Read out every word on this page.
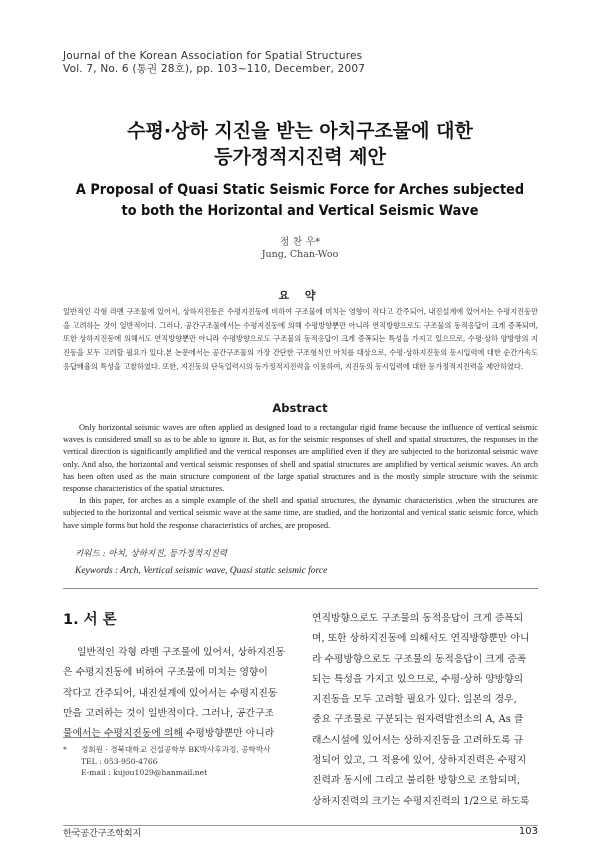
Journal of the Korean Association for Spatial Structures
Vol. 7, No. 6 (통권 28호), pp. 103~110, December, 2007
수평·상하 지진을 받는 아치구조물에 대한
등가정적지진력 제안
A Proposal of Quasi Static Seismic Force for Arches subjected
to both the Horizontal and Vertical Seismic Wave
정 찬 우*
Jung, Chan-Woo
요 약
일반적인 각형 라멘 구조물에 있어서, 상하지진동은 수평지진동에 비하여 구조물에 미치는 영향이 작다고 간주되어, 내진설계에 있어서는 수평지진동만을 고려하는 것이 일반적이다. 그러나, 공간구조물에서는 수평지진동에 의해 수평방향뿐만 아니라 연직방향으로도 구조물의 동적응답이 크게 증폭되며, 또한 상하지진동에 의해서도 연직방향뿐만 아니라 수평방향으로도 구조물의 동적응답이 크게 증폭되는 특성을 가지고 있으므로, 수평·상하 양방향의 지진동을 모두 고려할 필요가 있다.본 논문에서는 공간구조물의 가장 간단한 구조형식인 아치를 대상으로, 수평·상하지진동의 동시입력에 대한 순간가속도 응답배율의 특성을 고찰하였다. 또한, 지진동의 단독입력시의 등가정적지진력을 이용하여, 지진동의 동시입력에 대한 등가정적지진력을 제안하였다.
Abstract

Only horizontal seismic waves are often applied as designed load to a rectangular rigid frame because the influence of vertical seismic waves is considered small so as to be able to ignore it. But, as for the seismic responses of shell and spatial structures, the responses in the vertical direction is significantly amplified and the vertical responses are amplified even if they are subjected to the horizontal seismic wave only. And also, the horizontal and vertical seismic responses of shell and spatial structures are amplified by vertical seismic waves. An arch has been often used as the main structure component of the large spatial structures and is the mostly simple structure with the seismic response characteristics of the spatial structures.

In this paper, for arches as a simple example of the shell and spatial structures, the dynamic characteristics ,when the structures are subjected to the horizontal and vertical seismic wave at the same time, are studied, and the horizontal and vertical static seismic force, which have simple forms but hold the response characteristics of arches, are proposed.

키워드 : 아치, 상하지진, 등가정적지진력
Keywords : Arch, Vertical seismic wave, Quasi static seismic force
1. 서 론
일반적인 각형 라멘 구조물에 있어서, 상하지진동
은 수평지진동에 비하여 구조물에 미치는 영향이
작다고 간주되어, 내진설계에 있어서는 수평지진동
만을 고려하는 것이 일반적이다. 그러나, 공간구조
물에서는 수평지진동에 의해 수평방향뿐만 아니라
연직방향으로도 구조물의 동적응답이 크게 증폭되
며, 또한 상하지진동에 의해서도 연직방향뿐만 아니
라 수평방향으로도 구조물의 동적응답이 크게 증폭
되는 특성을 가지고 있으므로, 수평·상하 양방향의
지진동을 모두 고려할 필요가 있다. 일본의 경우,
중요 구조물로 구분되는 원자력발전소의 A, As 클
래스시설에 있어서는 상하지진동을 고려하도록 규
정되어 있고, 그 적용에 있어, 상하지진력은 수평지
진력과 동시에 그리고 불리한 방향으로 조합되며,
상하지진력의 크기는 수평지진력의 1/2으로 하도록
* 정회원 · 경북대학교 건설공학부 BK박사후과정, 공학박사
TEL : 053-950-4766
E-mail : kujou1029@hanmail.net
한국공간구조학회지	103
